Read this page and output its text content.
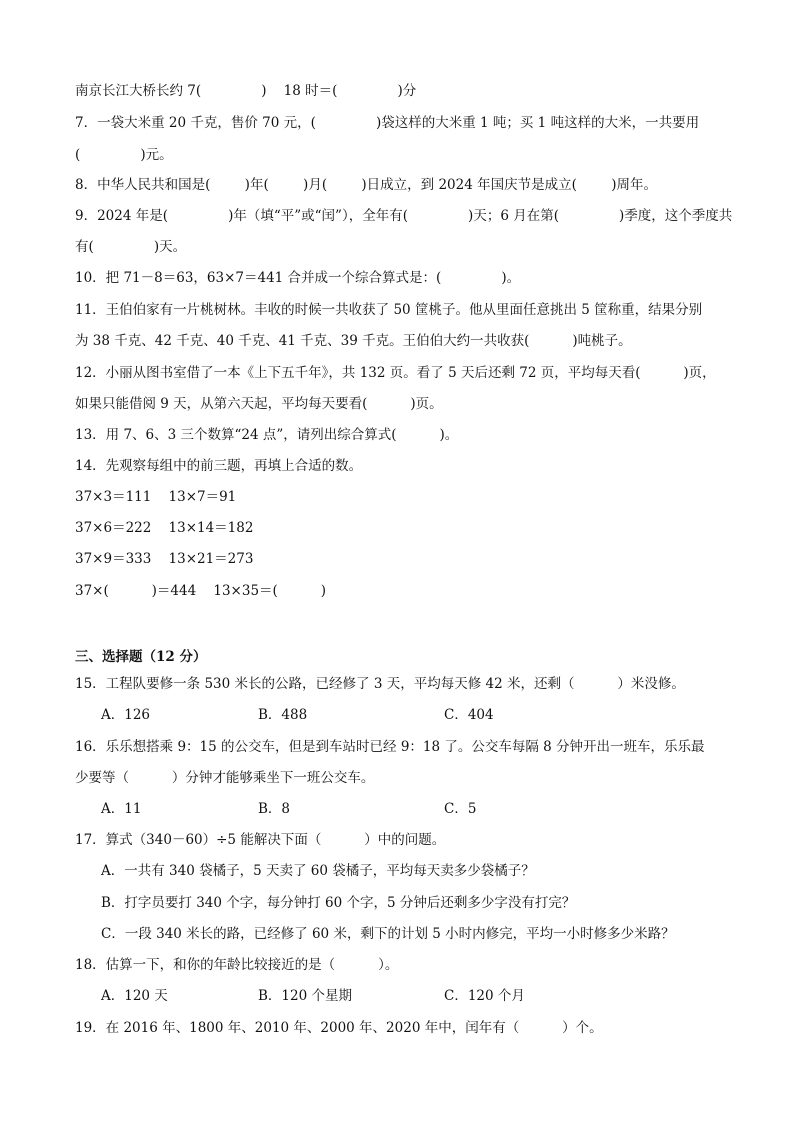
南京长江大桥长约 7(              )    18 时＝(              )分
7．一袋大米重 20 千克，售价 70 元，(              )袋这样的大米重 1 吨；买 1 吨这样的大米，一共要用
(              )元。
8．中华人民共和国是(        )年(        )月(        )日成立，到 2024 年国庆节是成立(        )周年。
9．2024 年是(              )年（填“平”或“闰”），全年有(              )天；6 月在第(              )季度，这个季度共
有(              )天。
10．把 71－8＝63，63×7＝441 合并成一个综合算式是：(              )。
11．王伯伯家有一片桃树林。丰收的时候一共收获了 50 筐桃子。他从里面任意挑出 5 筐称重，结果分别
为 38 千克、42 千克、40 千克、41 千克、39 千克。王伯伯大约一共收获(          )吨桃子。
12．小丽从图书室借了一本《上下五千年》，共 132 页。看了 5 天后还剩 72 页，平均每天看(          )页，
如果只能借阅 9 天，从第六天起，平均每天要看(          )页。
13．用 7、6、3 三个数算“24 点”，请列出综合算式(          )。
14．先观察每组中的前三题，再填上合适的数。
37×3＝111    13×7＝91
37×6＝222    13×14＝182
37×9＝333    13×21＝273
37×(          )＝444    13×35＝(          )
三、选择题（12 分）
15．工程队要修一条 530 米长的公路，已经修了 3 天，平均每天修 42 米，还剩（          ）米没修。
A．126	B．488	C．404
16．乐乐想搭乘 9：15 的公交车，但是到车站时已经 9：18 了。公交车每隔 8 分钟开出一班车，乐乐最
少要等（          ）分钟才能够乘坐下一班公交车。
A．11	B．8	C．5
17．算式（340－60）÷5 能解决下面（          ）中的问题。
A．一共有 340 袋橘子，5 天卖了 60 袋橘子，平均每天卖多少袋橘子？
B．打字员要打 340 个字，每分钟打 60 个字，5 分钟后还剩多少字没有打完？
C．一段 340 米长的路，已经修了 60 米，剩下的计划 5 小时内修完，平均一小时修多少米路？
18．估算一下，和你的年龄比较接近的是（          ）。
A．120 天	B．120 个星期	C．120 个月
19．在 2016 年、1800 年、2010 年、2000 年、2020 年中，闰年有（          ）个。
